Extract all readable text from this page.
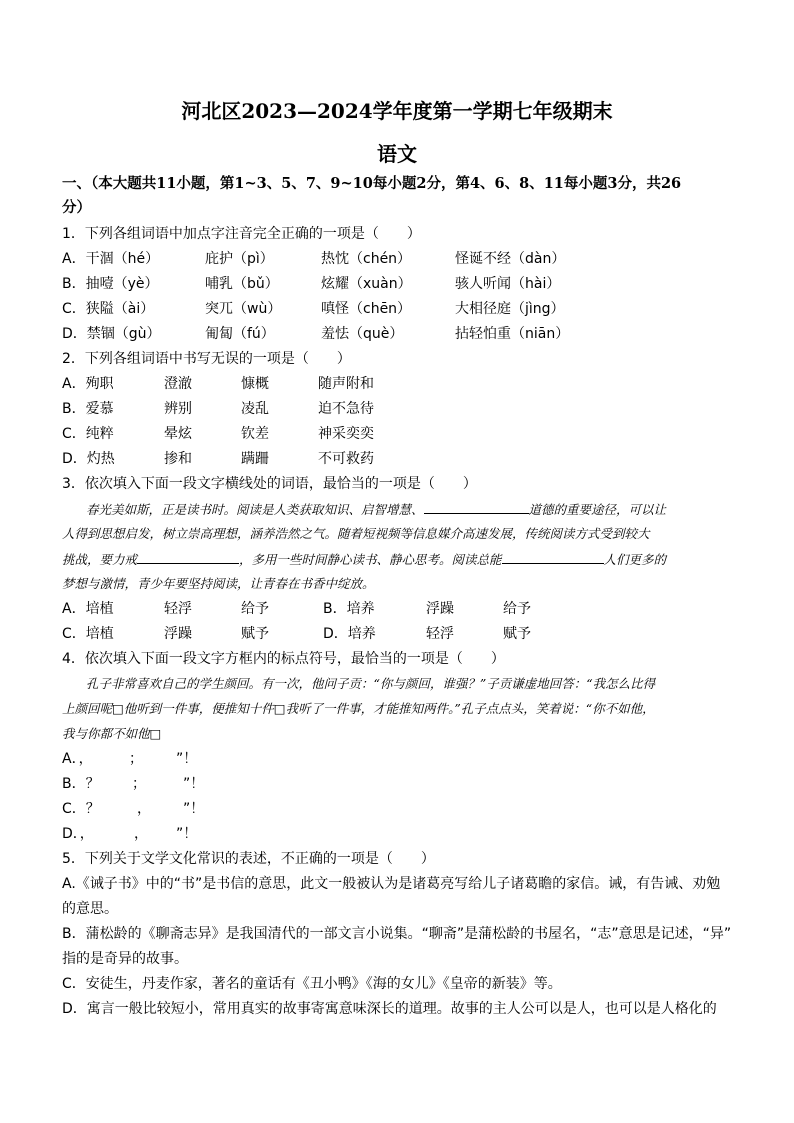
河北区2023—2024学年度第一学期七年级期末
语文
一、（本大题共11小题，第1~3、5、7、9~10每小题2分，第4、6、8、11每小题3分，共26
分）
1．下列各组词语中加点字注音完全正确的一项是（　　）
A．干涸（hé）	庇护（pì）	热忱（chén）	怪诞不经（dàn）
B．抽噎（yè）	哺乳（bǔ）	炫耀（xuàn）	骇人听闻（hài）
C．狭隘（ài）	突兀（wù）	嗔怪（chēn）	大相径庭（jìng）
D．禁锢（gù）	匍匐（fú）	羞怯（què）	拈轻怕重（niān）
2．下列各组词语中书写无误的一项是（　　）
A．殉职	澄澈	慷概	随声附和
B．爱慕	辨别	凌乱	迫不急待
C．纯粹	晕炫	钦差	神采奕奕
D．灼热	掺和	蹒跚	不可救药
3．依次填入下面一段文字横线处的词语，最恰当的一项是（　　）
春光美如斯，正是读书时。阅读是人类获取知识、启智增慧、	道德的重要途径，可以让
人得到思想启发，树立崇高理想，涵养浩然之气。随着短视频等信息媒介高速发展，传统阅读方式受到较大
挑战，要力戒	，多用一些时间静心读书、静心思考。阅读总能	人们更多的
梦想与激情，青少年要坚持阅读，让青春在书香中绽放。
A．培植	轻浮	给予	B．培养	浮躁	给予
C．培植	浮躁	赋予	D．培养	轻浮	赋予
4．依次填入下面一段文字方框内的标点符号，最恰当的一项是（　　）
孔子非常喜欢自己的学生颜回。有一次，他问子贡：“你与颜回，谁强？”子贡谦虚地回答：“我怎么比得
上颜回呢□他听到一件事，便推知十件□我听了一件事，才能推知两件。”孔子点点头，笑着说：“你不如他，
我与你都不如他□
A．，	； ”！
B．？ ；	”！
C．？	， ”！
D．，	， ”！
5．下列关于文学文化常识的表述，不正确的一项是（　　）
A.《诫子书》中的“书”是书信的意思，此文一般被认为是诸葛亮写给儿子诸葛瞻的家信。诫，有告诫、劝勉
的意思。
B．蒲松龄的《聊斋志异》是我国清代的一部文言小说集。“聊斋”是蒲松龄的书屋名，“志”意思是记述，“异”
指的是奇异的故事。
C．安徒生，丹麦作家，著名的童话有《丑小鸭》《海的女儿》《皇帝的新装》等。
D．寓言一般比较短小，常用真实的故事寄寓意味深长的道理。故事的主人公可以是人，也可以是人格化的
